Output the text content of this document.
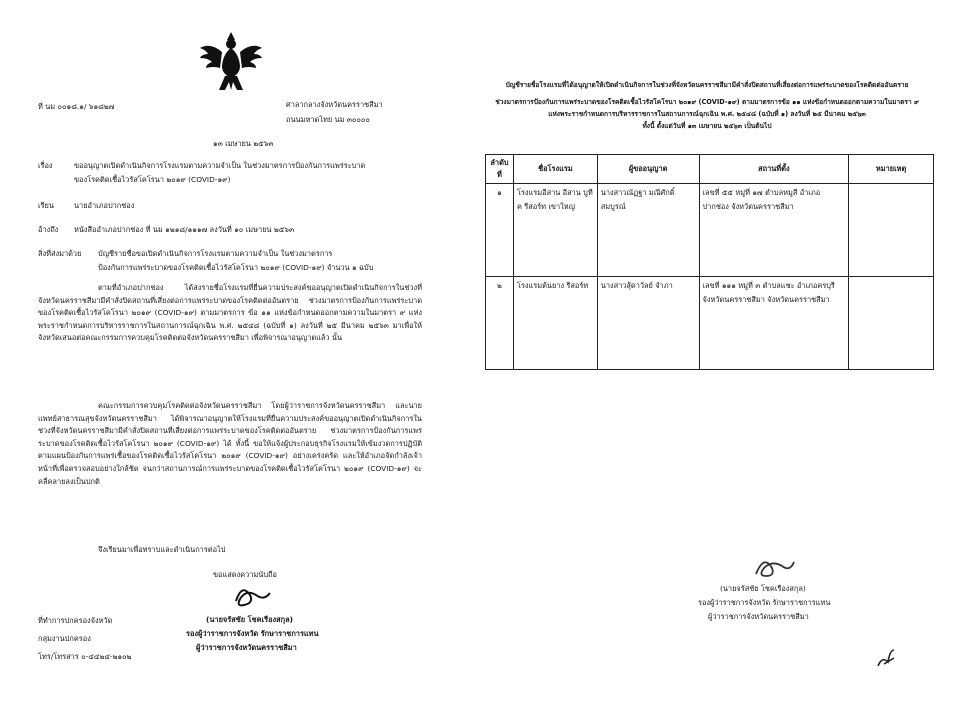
ที่ นม ๐๐๑๘.๑/ ๖๑๘๒๗	ศาลากลางจังหวัดนครราชสีมา
ถนนมหาดไทย นม ๓๐๐๐๐
๑๓ เมษายน ๒๕๖๓
เรื่อง	ขออนุญาตเปิดดำเนินกิจการโรงแรมตามความจำเป็น ในช่วงมาตรการป้องกันการแพร่ระบาด
ของโรคติดเชื้อไวรัสโคโรนา ๒๐๑๙ (COVID-๑๙)
เรียน	นายอำเภอปากช่อง
อ้างถึง หนังสืออำเภอปากช่อง ที่ นม ๑๒๑๘/๑๑๑๗ ลงวันที่ ๑๐ เมษายน ๒๕๖๓
สิ่งที่ส่งมาด้วย บัญชีรายชื่อขอเปิดดำเนินกิจการโรงแรมตามความจำเป็น ในช่วงมาตรการ
ป้องกันการแพร่ระบาดของโรคติดเชื้อไวรัสโคโรนา ๒๐๑๙ (COVID-๑๙) จำนวน ๑ ฉบับ
ตามที่อำเภอปากช่อง ได้ส่งรายชื่อโรงแรมที่ยื่นความประสงค์ขออนุญาตเปิดดำเนินกิจการในช่วงที่จังหวัดนครราชสีมามีคำสั่งปิดสถานที่เสี่ยงต่อการแพร่ระบาดของโรคติดต่ออันตราย ช่วงมาตรการป้องกันการแพร่ระบาดของโรคติดเชื้อไวรัสโคโรนา ๒๐๑๙ (COVID-๑๙) ตามมาตรการ ข้อ ๑๑ แห่งข้อกำหนดออกตามความในมาตรา ๙ แห่งพระราชกำหนดการบริหารราชการในสถานการณ์ฉุกเฉิน พ.ศ. ๒๕๔๘ (ฉบับที่ ๑) ลงวันที่ ๒๕ มีนาคม ๒๕๖๓ มาเพื่อให้จังหวัดเสนอต่อคณะกรรมการควบคุมโรคติดต่อจังหวัดนครราชสีมา เพื่อพิจารณาอนุญาตแล้ว นั้น
คณะกรรมการควบคุมโรคติดต่อจังหวัดนครราชสีมา โดยผู้ว่าราชการจังหวัดนครราชสีมา และนายแพทย์สาธารณสุขจังหวัดนครราชสีมา ได้พิจารณาอนุญาตให้โรงแรมที่ยื่นความประสงค์ขออนุญาตเปิดดำเนินกิจการในช่วงที่จังหวัดนครราชสีมามีคำสั่งปิดสถานที่เสี่ยงต่อการแพร่ระบาดของโรคติดต่ออันตราย ช่วงมาตรการป้องกันการแพร่ระบาดของโรคติดเชื้อไวรัสโคโรนา ๒๐๑๙ (COVID-๑๙) ได้ ทั้งนี้ ขอให้แจ้งผู้ประกอบธุรกิจโรงแรมให้เข้มงวดการปฏิบัติตามแผนป้องกันการแพร่เชื้อของโรคติดเชื้อไวรัสโคโรนา ๒๐๑๙ (COVID-๑๙) อย่างเคร่งครัด และให้อำเภอจัดกำลังเจ้าหน้าที่เพื่อตรวจสอบอย่างใกล้ชิด จนกว่าสถานการณ์การแพร่ระบาดของโรคติดเชื้อไวรัสโคโรนา ๒๐๑๙ (COVID-๑๙) จะคลี่คลายลงเป็นปกติ
จึงเรียนมาเพื่อทราบและดำเนินการต่อไป
ขอแสดงความนับถือ
(นายจรัสชัย โชคเรืองสกุล)
รองผู้ว่าราชการจังหวัด รักษาราชการแทน
ผู้ว่าราชการจังหวัดนครราชสีมา
ที่ทำการปกครองจังหวัด
กลุ่มงานปกครอง
โทร/โทรสาร ๐-๔๔๒๔-๒๑๐๒
บัญชีรายชื่อโรงแรมที่ได้อนุญาตให้เปิดดำเนินกิจการในช่วงที่จังหวัดนครราชสีมามีคำสั่งปิดสถานที่เสี่ยงต่อการแพร่ระบาดของโรคติดต่ออันตราย
ช่วงมาตรการป้องกันการแพร่ระบาดของโรคติดเชื้อไวรัสโคโรนา ๒๐๑๙ (COVID-๑๙) ตามมาตรการข้อ ๑๑ แห่งข้อกำหนดออกตามความในมาตรา ๙
แห่งพระราชกำหนดการบริหารราชการในสถานการณ์ฉุกเฉิน พ.ศ. ๒๕๔๘ (ฉบับที่ ๑) ลงวันที่ ๒๕ มีนาคม ๒๕๖๓
ทั้งนี้ ตั้งแต่วันที่ ๑๓ เมษายน ๒๕๖๓ เป็นต้นไป
ลำดับที่	ชื่อโรงแรม	ผู้ขออนุญาต	สถานที่ตั้ง	หมายเหตุ
๑	โรงแรมอีสาน อีสาน บูทีค รีสอร์ท เขาใหญ่	นางสาวณัฏฐา มณีศักดิ์สมบูรณ์	เลขที่ ๕๕ หมู่ที่ ๑๗ ตำบลหมูสี อำเภอปากช่อง จังหวัดนครราชสีมา	
๒	โรงแรมต้นยาง รีสอร์ท	นางสาวสุ้ดาวัลย์ จำภา	เลขที่ ๑๑๑ หมู่ที่ ๓ ตำบลแชะ อำเภอครบุรี จังหวัดนครราชสีมา จังหวัดนครราชสีมา	
(นายจรัสชัย โชคเรืองสกุล)
รองผู้ว่าราชการจังหวัด รักษาราชการแทน
ผู้ว่าราชการจังหวัดนครราชสีมา
